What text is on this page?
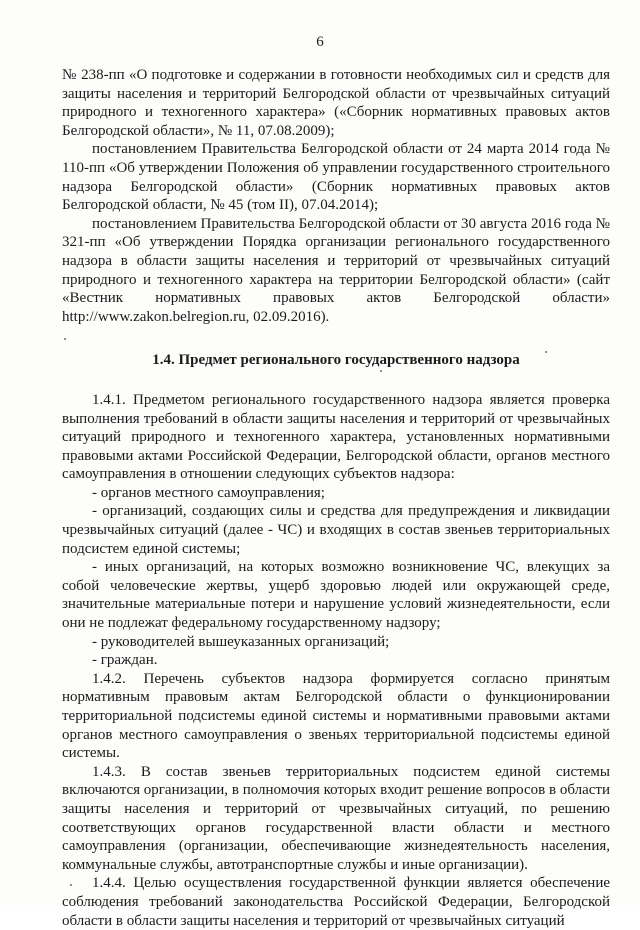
6

№ 238-пп «О подготовке и содержании в готовности необходимых сил и средств для защиты населения и территорий Белгородской области от чрезвычайных ситуаций природного и техногенного характера» («Сборник нормативных правовых актов Белгородской области», № 11, 07.08.2009);

постановлением Правительства Белгородской области от 24 марта 2014 года № 110-пп «Об утверждении Положения об управлении государственного строительного надзора Белгородской области» (Сборник нормативных правовых актов Белгородской области, № 45 (том II), 07.04.2014);

постановлением Правительства Белгородской области от 30 августа 2016 года № 321-пп «Об утверждении Порядка организации регионального государственного надзора в области защиты населения и территорий от чрезвычайных ситуаций природного и техногенного характера на территории Белгородской области» (сайт «Вестник нормативных правовых актов Белгородской области» http://www.zakon.belregion.ru, 02.09.2016).

1.4. Предмет регионального государственного надзора

1.4.1. Предметом регионального государственного надзора является проверка выполнения требований в области защиты населения и территорий от чрезвычайных ситуаций природного и техногенного характера, установленных нормативными правовыми актами Российской Федерации, Белгородской области, органов местного самоуправления в отношении следующих субъектов надзора:

- органов местного самоуправления;

- организаций, создающих силы и средства для предупреждения и ликвидации чрезвычайных ситуаций (далее - ЧС) и входящих в состав звеньев территориальных подсистем единой системы;

- иных организаций, на которых возможно возникновение ЧС, влекущих за собой человеческие жертвы, ущерб здоровью людей или окружающей среде, значительные материальные потери и нарушение условий жизнедеятельности, если они не подлежат федеральному государственному надзору;

- руководителей вышеуказанных организаций;

- граждан.

1.4.2. Перечень субъектов надзора формируется согласно принятым нормативным правовым актам Белгородской области о функционировании территориальной подсистемы единой системы и нормативными правовыми актами органов местного самоуправления о звеньях территориальной подсистемы единой системы.

1.4.3. В состав звеньев территориальных подсистем единой системы включаются организации, в полномочия которых входит решение вопросов в области защиты населения и территорий от чрезвычайных ситуаций, по решению соответствующих органов государственной власти области и местного самоуправления (организации, обеспечивающие жизнедеятельность населения, коммунальные службы, автотранспортные службы и иные организации).

1.4.4. Целью осуществления государственной функции является обеспечение соблюдения требований законодательства Российской Федерации, Белгородской области в области защиты населения и территорий от чрезвычайных ситуаций
